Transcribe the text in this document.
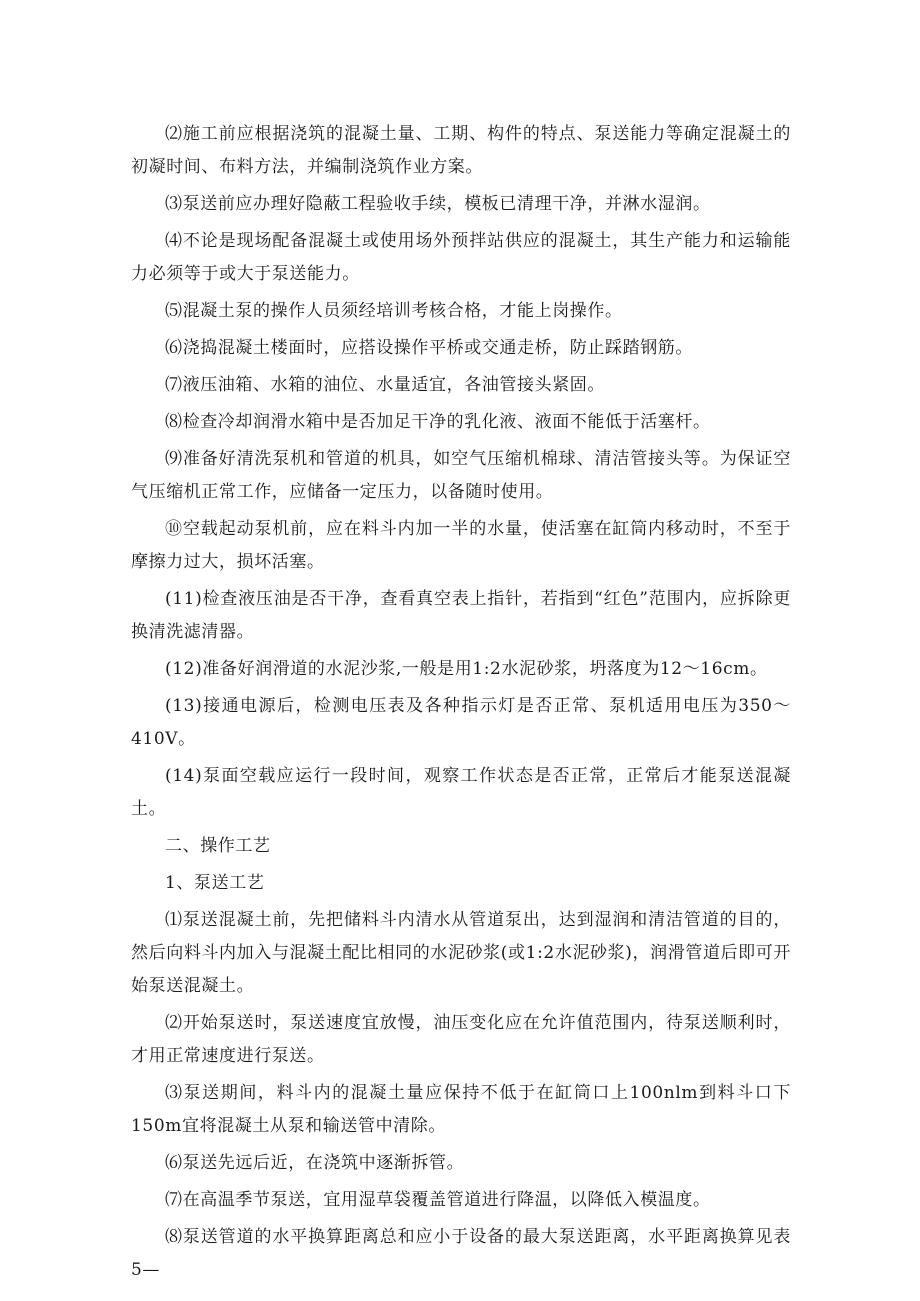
⑵施工前应根据浇筑的混凝土量、工期、构件的特点、泵送能力等确定混凝土的初凝时间、布料方法，并编制浇筑作业方案。

⑶泵送前应办理好隐蔽工程验收手续，模板已清理干净，并淋水湿润。

⑷不论是现场配备混凝土或使用场外预拌站供应的混凝土，其生产能力和运输能力必须等于或大于泵送能力。

⑸混凝土泵的操作人员须经培训考核合格，才能上岗操作。

⑹浇捣混凝土楼面时，应搭设操作平桥或交通走桥，防止踩踏钢筋。

⑺液压油箱、水箱的油位、水量适宜，各油管接头紧固。

⑻检查冷却润滑水箱中是否加足干净的乳化液、液面不能低于活塞杆。

⑼准备好清洗泵机和管道的机具，如空气压缩机棉球、清洁管接头等。为保证空气压缩机正常工作，应储备一定压力，以备随时使用。

⑩空载起动泵机前，应在料斗内加一半的水量，使活塞在缸筒内移动时，不至于摩擦力过大，损坏活塞。

(11)检查液压油是否干净，查看真空表上指针，若指到“红色”范围内，应拆除更换清洗滤清器。

(12)准备好润滑道的水泥沙浆,一般是用1:2水泥砂浆，坍落度为12～16cm。

(13)接通电源后，检测电压表及各种指示灯是否正常、泵机适用电压为350～410V。

(14)泵面空载应运行一段时间，观察工作状态是否正常，正常后才能泵送混凝土。

二、操作工艺

1、泵送工艺

⑴泵送混凝土前，先把储料斗内清水从管道泵出，达到湿润和清洁管道的目的，然后向料斗内加入与混凝土配比相同的水泥砂浆(或1:2水泥砂浆)，润滑管道后即可开始泵送混凝土。

⑵开始泵送时，泵送速度宜放慢，油压变化应在允许值范围内，待泵送顺利时，才用正常速度进行泵送。

⑶泵送期间，料斗内的混凝土量应保持不低于在缸筒口上100nlm到料斗口下150m宜将混凝土从泵和输送管中清除。

⑹泵送先远后近，在浇筑中逐渐拆管。

⑺在高温季节泵送，宜用湿草袋覆盖管道进行降温，以降低入模温度。

⑻泵送管道的水平换算距离总和应小于设备的最大泵送距离，水平距离换算见表5—
